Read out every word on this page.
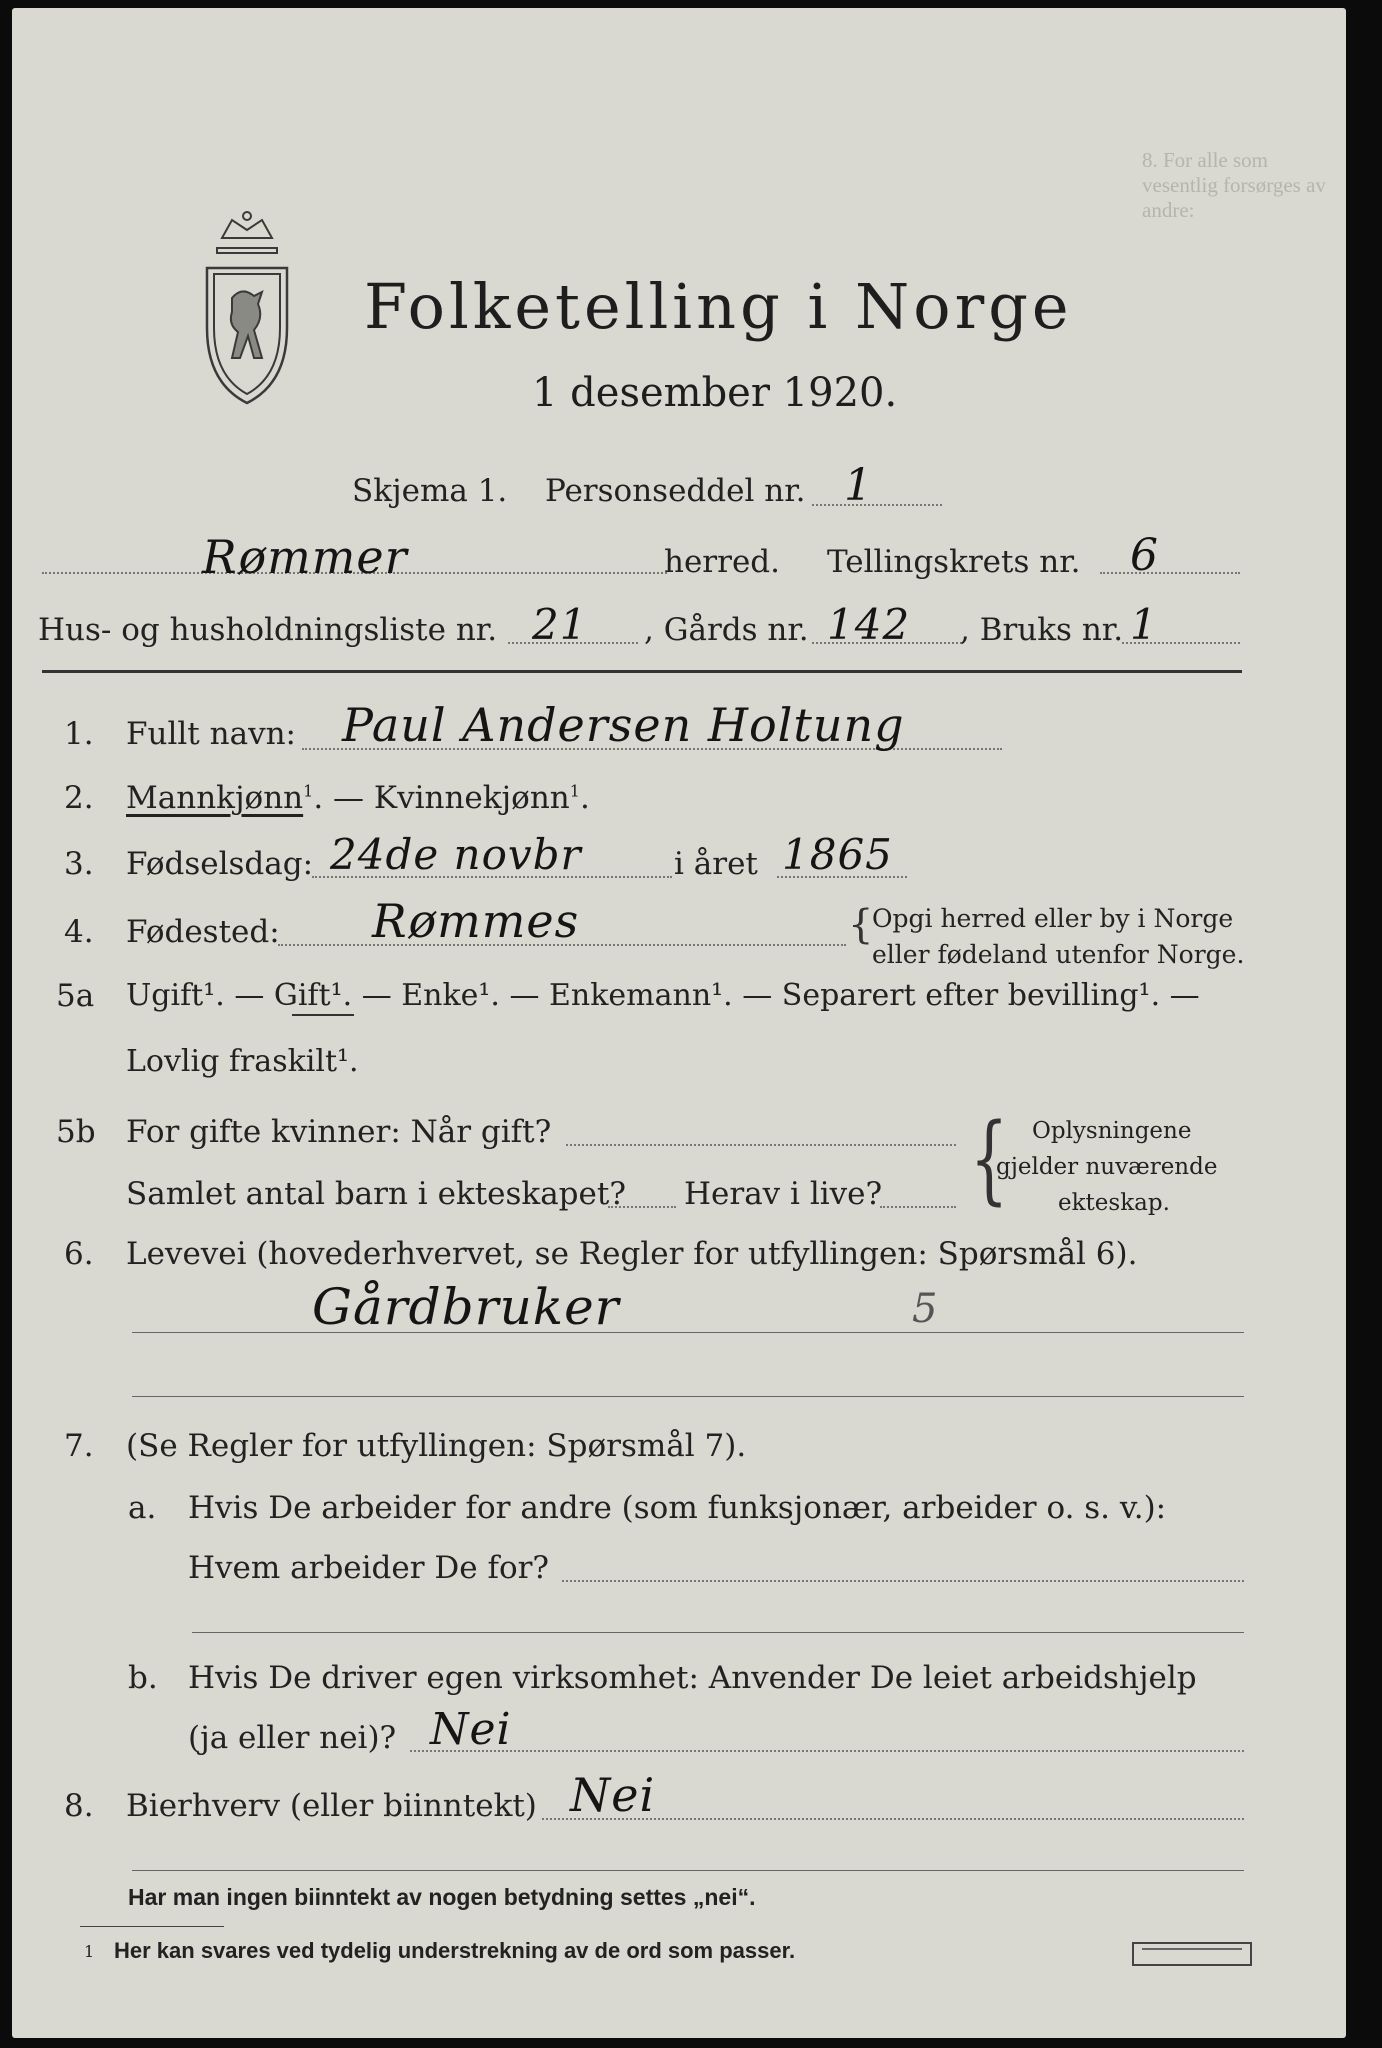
8. For alle som vesentlig forsørges av andre:
Folketelling i Norge
1 desember 1920.
Skjema 1. Personseddel nr. 1
Rømmer	herred. Tellingskrets nr. 6
Hus- og husholdningsliste nr. 21 , Gårds nr. 142 , Bruks nr. 1
1. Fullt navn: Paul Andersen Holtung
2. Mannkjønn$^1$. — Kvinnekjønn$^1$.
3. Fødselsdag: 24de novbr	i året 1865
4. Fødested: Rømmes	{
Opgi herred eller by i Norge
eller fødeland utenfor Norge.
5a Ugift¹. — Gift¹. — Enke¹. — Enkemann¹. — Separert efter bevilling¹. —
Lovlig fraskilt¹.
5b For gifte kvinner: Når gift?
Samlet antal barn i ekteskapet? Herav i live? { Oplysningene
gjelder nuværende
ekteskap.
6. Levevei (hovederhvervet, se Regler for utfyllingen: Spørsmål 6).
Gårdbruker	5
7. (Se Regler for utfyllingen: Spørsmål 7).
a. Hvis De arbeider for andre (som funksjonær, arbeider o. s. v.):
Hvem arbeider De for?
b. Hvis De driver egen virksomhet: Anvender De leiet arbeidshjelp
(ja eller nei)? Nei
8. Bierhverv (eller biinntekt) Nei
Har man ingen biinntekt av nogen betydning settes „nei“.
1 Her kan svares ved tydelig understrekning av de ord som passer.
